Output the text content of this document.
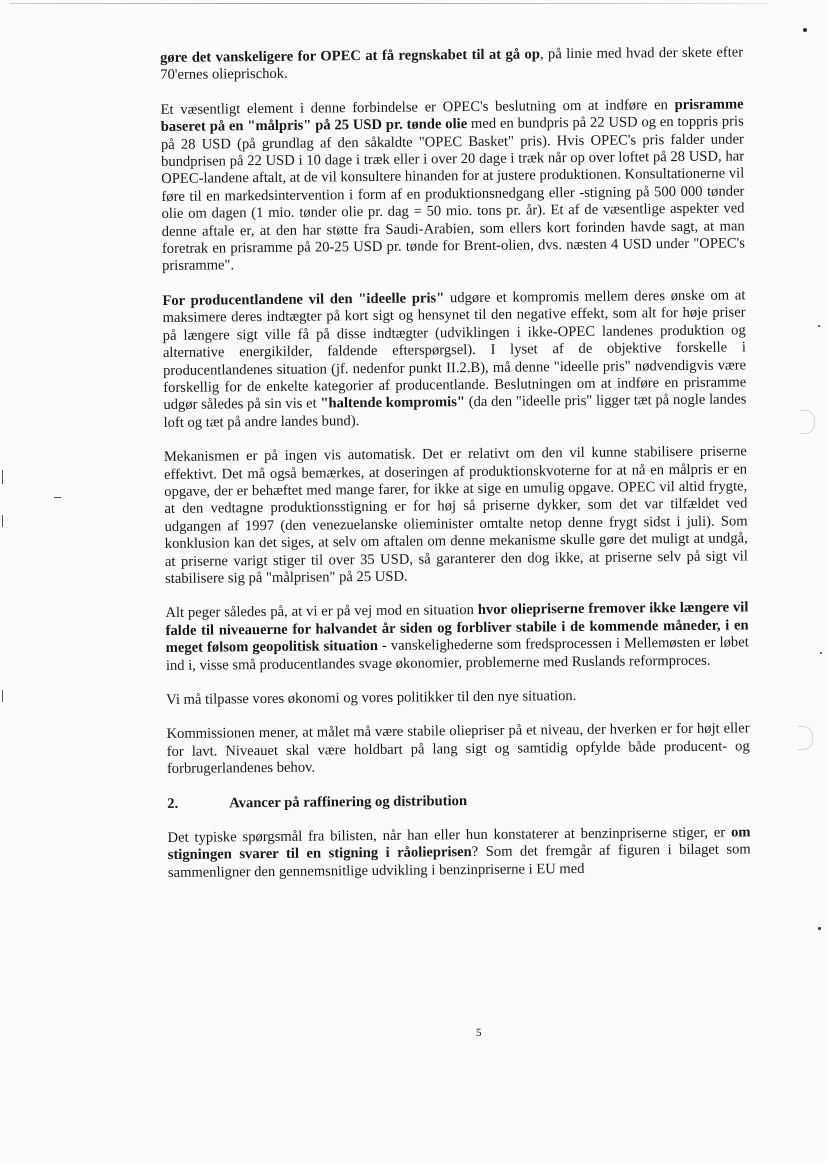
gøre det vanskeligere for OPEC at få regnskabet til at gå op, på linie med hvad der skete efter 70'ernes olieprischok.

Et væsentligt element i denne forbindelse er OPEC's beslutning om at indføre en prisramme baseret på en "målpris" på 25 USD pr. tønde olie med en bundpris på 22 USD og en toppris pris på 28 USD (på grundlag af den såkaldte "OPEC Basket" pris). Hvis OPEC's pris falder under bundprisen på 22 USD i 10 dage i træk eller i over 20 dage i træk når op over loftet på 28 USD, har OPEC-landene aftalt, at de vil konsultere hinanden for at justere produktionen. Konsultationerne vil føre til en markedsintervention i form af en produktionsnedgang eller -stigning på 500 000 tønder olie om dagen (1 mio. tønder olie pr. dag = 50 mio. tons pr. år). Et af de væsentlige aspekter ved denne aftale er, at den har støtte fra Saudi-Arabien, som ellers kort forinden havde sagt, at man foretrak en prisramme på 20-25 USD pr. tønde for Brent-olien, dvs. næsten 4 USD under "OPEC's prisramme".

For producentlandene vil den "ideelle pris" udgøre et kompromis mellem deres ønske om at maksimere deres indtægter på kort sigt og hensynet til den negative effekt, som alt for høje priser på længere sigt ville få på disse indtægter (udviklingen i ikke-OPEC landenes produktion og alternative energikilder, faldende efterspørgsel). I lyset af de objektive forskelle i producentlandenes situation (jf. nedenfor punkt II.2.B), må denne "ideelle pris" nødvendigvis være forskellig for de enkelte kategorier af producentlande. Beslutningen om at indføre en prisramme udgør således på sin vis et "haltende kompromis" (da den "ideelle pris" ligger tæt på nogle landes loft og tæt på andre landes bund).

Mekanismen er på ingen vis automatisk. Det er relativt om den vil kunne stabilisere priserne effektivt. Det må også bemærkes, at doseringen af produktionskvoterne for at nå en målpris er en opgave, der er behæftet med mange farer, for ikke at sige en umulig opgave. OPEC vil altid frygte, at den vedtagne produktionsstigning er for høj så priserne dykker, som det var tilfældet ved udgangen af 1997 (den venezuelanske olieminister omtalte netop denne frygt sidst i juli). Som konklusion kan det siges, at selv om aftalen om denne mekanisme skulle gøre det muligt at undgå, at priserne varigt stiger til over 35 USD, så garanterer den dog ikke, at priserne selv på sigt vil stabilisere sig på "målprisen" på 25 USD.

Alt peger således på, at vi er på vej mod en situation hvor oliepriserne fremover ikke længere vil falde til niveauerne for halvandet år siden og forbliver stabile i de kommende måneder, i en meget følsom geopolitisk situation - vanskelighederne som fredsprocessen i Mellemøsten er løbet ind i, visse små producentlandes svage økonomier, problemerne med Ruslands reformproces.

Vi må tilpasse vores økonomi og vores politikker til den nye situation.

Kommissionen mener, at målet må være stabile oliepriser på et niveau, der hverken er for højt eller for lavt. Niveauet skal være holdbart på lang sigt og samtidig opfylde både producent- og forbrugerlandenes behov.

2.	Avancer på raffinering og distribution

Det typiske spørgsmål fra bilisten, når han eller hun konstaterer at benzinpriserne stiger, er om stigningen svarer til en stigning i råolieprisen? Som det fremgår af figuren i bilaget som sammenligner den gennemsnitlige udvikling i benzinpriserne i EU med

5
